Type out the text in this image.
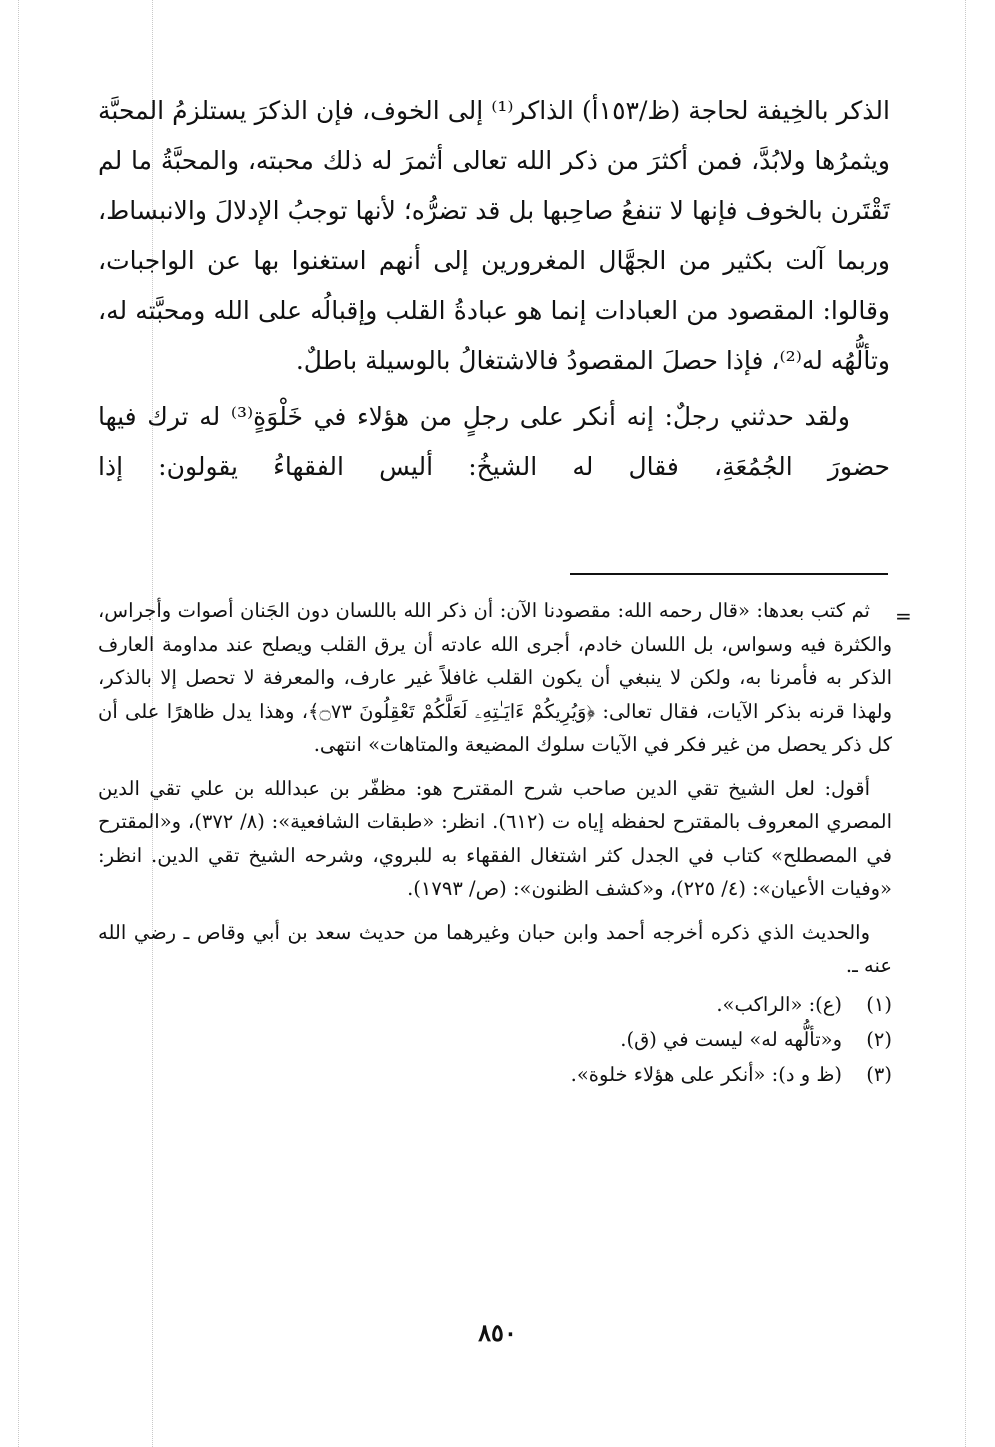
الذكر بالخِيفة لحاجة (ظ/١٥٣أ) الذاكر⁽¹⁾ إلى الخوف، فإن الذكرَ يستلزمُ المحبَّة ويثمرُها ولابُدَّ، فمن أكثرَ من ذكر الله تعالى أثمرَ له ذلك محبته، والمحبَّةُ ما لم تَقْتَرن بالخوف فإنها لا تنفعُ صاحِبها بل قد تضرُّه؛ لأنها توجبُ الإدلالَ والانبساط، وربما آلت بكثير من الجهَّال المغرورين إلى أنهم استغنوا بها عن الواجبات، وقالوا: المقصود من العبادات إنما هو عبادةُ القلب وإقبالُه على الله ومحبَّته له، وتألُّهُه له⁽²⁾، فإذا حصلَ المقصودُ فالاشتغالُ بالوسيلة باطلٌ.

ولقد حدثني رجلٌ: إنه أنكر على رجلٍ من هؤلاء في خَلْوَةٍ⁽³⁾ له ترك فيها حضورَ الجُمُعَةِ، فقال له الشيخُ: أليس الفقهاءُ يقولون: إذا

=

ثم كتب بعدها: «قال رحمه الله: مقصودنا الآن: أن ذكر الله باللسان دون الجَنان أصوات وأجراس، والكثرة فيه وسواس، بل اللسان خادم، أجرى الله عادته أن يرق القلب ويصلح عند مداومة العارف الذكر به فأمرنا به، ولكن لا ينبغي أن يكون القلب غافلاً غير عارف، والمعرفة لا تحصل إلا بالذكر، ولهذا قرنه بذكر الآيات، فقال تعالى: ﴿وَيُرِيكُمْ ءَايَـٰتِهِۦ لَعَلَّكُمْ تَعْقِلُونَ ۝٧٣﴾، وهذا يدل ظاهرًا على أن كل ذكر يحصل من غير فكر في الآيات سلوك المضيعة والمتاهات» انتهى.

أقول: لعل الشيخ تقي الدين صاحب شرح المقترح هو: مظفّر بن عبدالله بن علي تقي الدين المصري المعروف بالمقترح لحفظه إياه ت (٦١٢). انظر: «طبقات الشافعية»: (٨/ ٣٧٢)، و«المقترح في المصطلح» كتاب في الجدل كثر اشتغال الفقهاء به للبروي، وشرحه الشيخ تقي الدين. انظر: «وفيات الأعيان»: (٤/ ٢٢٥)، و«كشف الظنون»: (ص/ ١٧٩٣).

والحديث الذي ذكره أخرجه أحمد وابن حبان وغيرهما من حديث سعد بن أبي وقاص ـ رضي الله عنه ـ.

(١)(ع): «الراكب».

(٢)و«تألُّهه له» ليست في (ق).

(٣)(ظ و د): «أنكر على هؤلاء خلوة».

٨٥٠
